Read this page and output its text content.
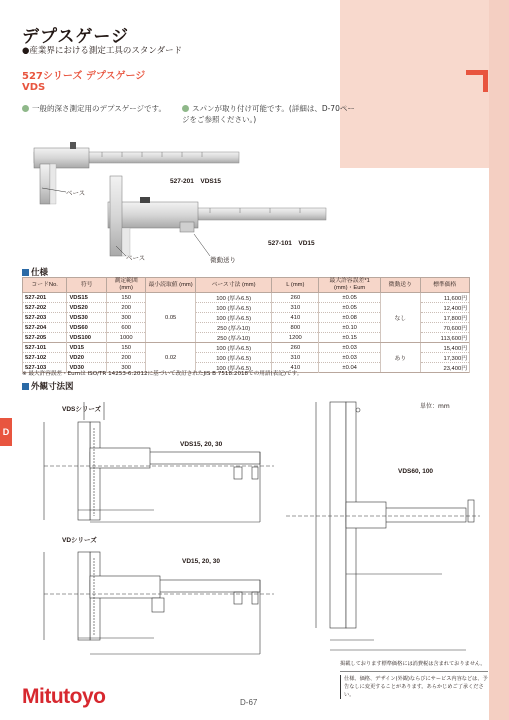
D
デプスゲージ
●産業界における測定工具のスタンダード
527シリーズ デプスゲージ
VDS
一般的深さ測定用のデプスゲージです。	スパンが取り付け可能です。(詳細は、D-70ページをご参照ください。)
ベース
527-201　VDS15
ベース	微動送り
527-101　VD15
仕様
コードNo.	符号	測定範囲 (mm)	最小読取値 (mm)	ベース寸法 (mm)	L (mm)	最大許容誤差*1 (mm)・Eum	微動送り	標準価格
527-201	VDS15	150	0.05	100 (厚み6.5)	260	±0.05	なし	11,600円
527-202	VDS20	200		100 (厚み6.5)	310	±0.05		12,400円
527-203	VDS30	300		100 (厚み6.5)	410	±0.08		17,800円
527-204	VDS60	600		250 (厚み10)	800	±0.10		70,600円
527-205	VDS100	1000		250 (厚み10)	1200	±0.15		113,600円
527-101	VD15	150	0.02	100 (厚み6.5)	260	±0.03	あり	15,400円
527-102	VD20	200		100 (厚み6.5)	310	±0.03		17,300円
527-103	VD30	300		100 (厚み6.5)	410	±0.04		23,400円
※ 最大許容誤差・Eumは ISO/TR 14253-6:2012に基づいて改訂されたJIS B 7518:2018での用語(表記)です。
外観寸法図
単位：mm
VDSシリーズ
VDシリーズ
VDS15, 20, 30
VD15, 20, 30
VDS60, 100
掲載しております標準価格には消費税は含まれておりません。
仕様、価格、デザイン(外観)ならびにサービス内容などは、予告なしに変更することがあります。あらかじめご了承ください。
Mitutoyo	D-67
